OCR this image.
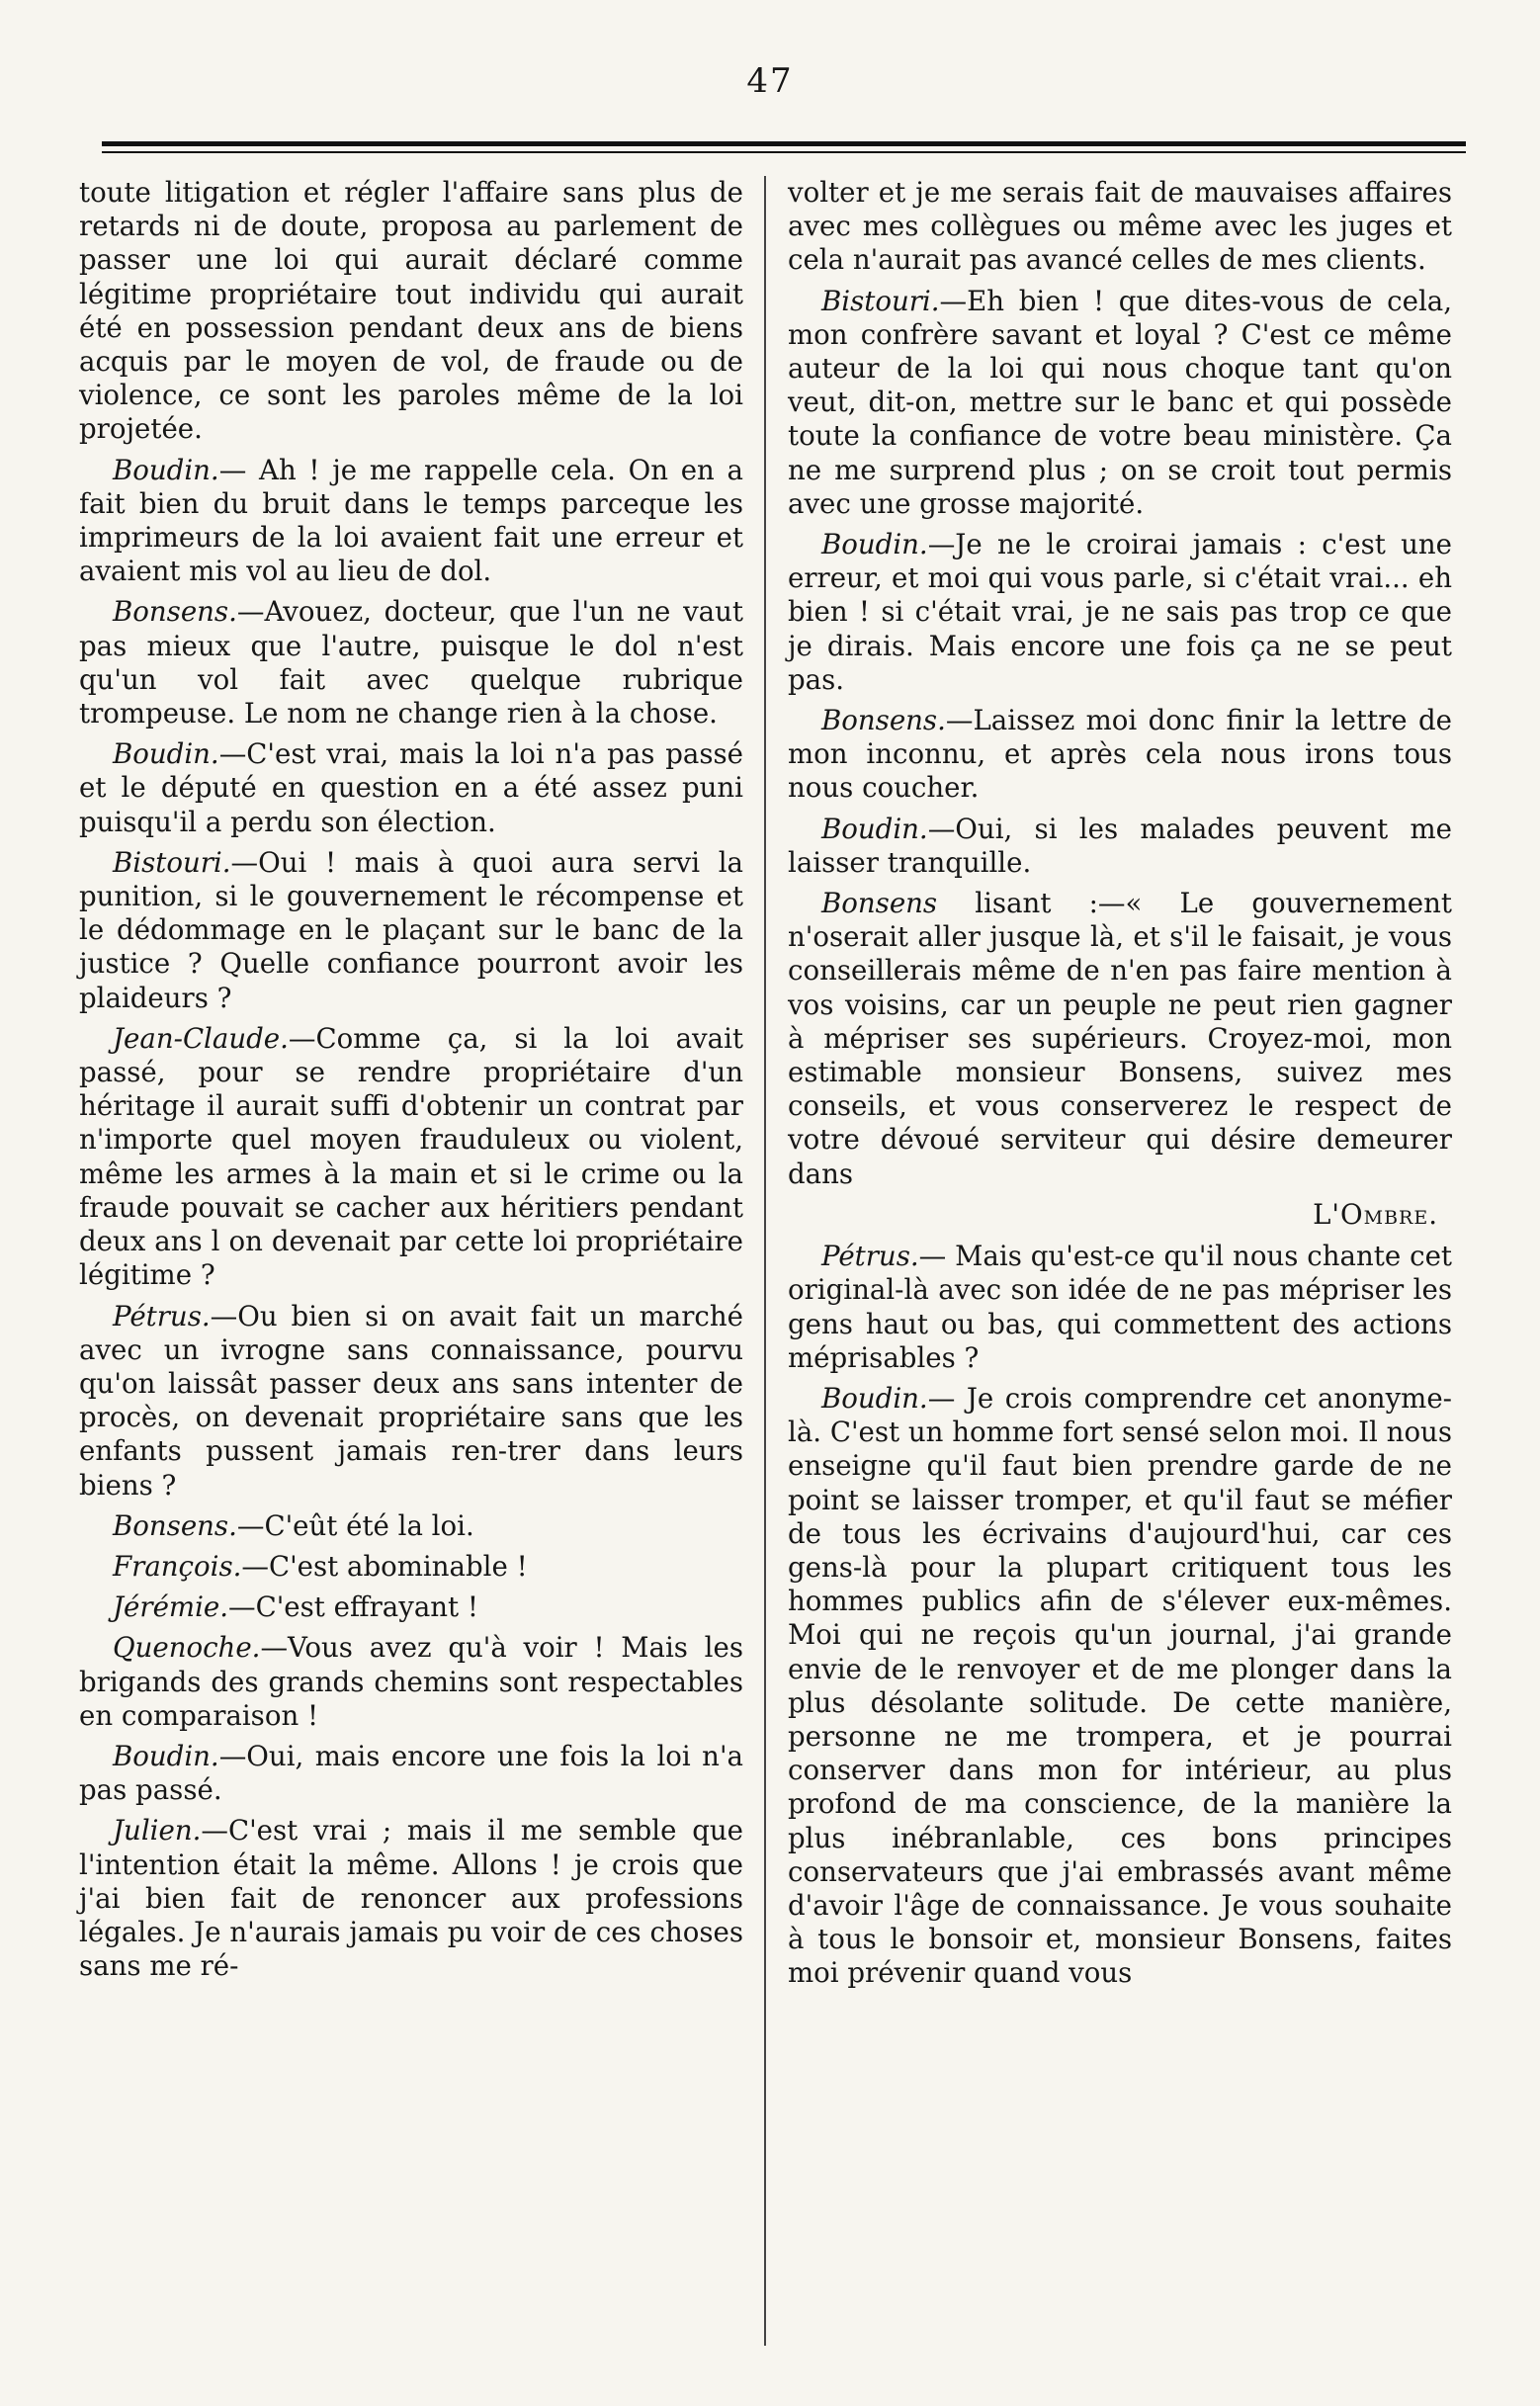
47

toute litigation et régler l'affaire sans plus de retards ni de doute, proposa au parlement de passer une loi qui aurait déclaré comme légitime propriétaire tout individu qui aurait été en possession pendant deux ans de biens acquis par le moyen de vol, de fraude ou de violence, ce sont les paroles même de la loi projetée.

Boudin.— Ah ! je me rappelle cela. On en a fait bien du bruit dans le temps parceque les imprimeurs de la loi avaient fait une erreur et avaient mis vol au lieu de dol.

Bonsens.—Avouez, docteur, que l'un ne vaut pas mieux que l'autre, puisque le dol n'est qu'un vol fait avec quelque rubrique trompeuse. Le nom ne change rien à la chose.

Boudin.—C'est vrai, mais la loi n'a pas passé et le député en question en a été assez puni puisqu'il a perdu son élection.

Bistouri.—Oui ! mais à quoi aura servi la punition, si le gouvernement le récompense et le dédommage en le plaçant sur le banc de la justice ? Quelle confiance pourront avoir les plaideurs ?

Jean-Claude.—Comme ça, si la loi avait passé, pour se rendre propriétaire d'un héritage il aurait suffi d'obtenir un contrat par n'importe quel moyen frauduleux ou violent, même les armes à la main et si le crime ou la fraude pouvait se cacher aux héritiers pendant deux ans l on devenait par cette loi propriétaire légitime ?

Pétrus.—Ou bien si on avait fait un marché avec un ivrogne sans connaissance, pourvu qu'on laissât passer deux ans sans intenter de procès, on devenait propriétaire sans que les enfants pussent jamais ren-trer dans leurs biens ?

Bonsens.—C'eût été la loi.

François.—C'est abominable !

Jérémie.—C'est effrayant !

Quenoche.—Vous avez qu'à voir ! Mais les brigands des grands chemins sont respectables en comparaison !

Boudin.—Oui, mais encore une fois la loi n'a pas passé.

Julien.—C'est vrai ; mais il me semble que l'intention était la même. Allons ! je crois que j'ai bien fait de renoncer aux professions légales. Je n'aurais jamais pu voir de ces choses sans me ré-

volter et je me serais fait de mauvaises affaires avec mes collègues ou même avec les juges et cela n'aurait pas avancé celles de mes clients.

Bistouri.—Eh bien ! que dites-vous de cela, mon confrère savant et loyal ? C'est ce même auteur de la loi qui nous choque tant qu'on veut, dit-on, mettre sur le banc et qui possède toute la confiance de votre beau ministère. Ça ne me surprend plus ; on se croit tout permis avec une grosse majorité.

Boudin.—Je ne le croirai jamais : c'est une erreur, et moi qui vous parle, si c'était vrai... eh bien ! si c'était vrai, je ne sais pas trop ce que je dirais. Mais encore une fois ça ne se peut pas.

Bonsens.—Laissez moi donc finir la lettre de mon inconnu, et après cela nous irons tous nous coucher.

Boudin.—Oui, si les malades peuvent me laisser tranquille.

Bonsens lisant :—« Le gouvernement n'oserait aller jusque là, et s'il le faisait, je vous conseillerais même de n'en pas faire mention à vos voisins, car un peuple ne peut rien gagner à mépriser ses supérieurs. Croyez-moi, mon estimable monsieur Bonsens, suivez mes conseils, et vous conserverez le respect de votre dévoué serviteur qui désire demeurer dans

L'Ombre.

Pétrus.— Mais qu'est-ce qu'il nous chante cet original-là avec son idée de ne pas mépriser les gens haut ou bas, qui commettent des actions méprisables ?

Boudin.— Je crois comprendre cet anonyme-là. C'est un homme fort sensé selon moi. Il nous enseigne qu'il faut bien prendre garde de ne point se laisser tromper, et qu'il faut se méfier de tous les écrivains d'aujourd'hui, car ces gens-là pour la plupart critiquent tous les hommes publics afin de s'élever eux-mêmes. Moi qui ne reçois qu'un journal, j'ai grande envie de le renvoyer et de me plonger dans la plus désolante solitude. De cette manière, personne ne me trompera, et je pourrai conserver dans mon for intérieur, au plus profond de ma conscience, de la manière la plus inébranlable, ces bons principes conservateurs que j'ai embrassés avant même d'avoir l'âge de connaissance. Je vous souhaite à tous le bonsoir et, monsieur Bonsens, faites moi prévenir quand vous
